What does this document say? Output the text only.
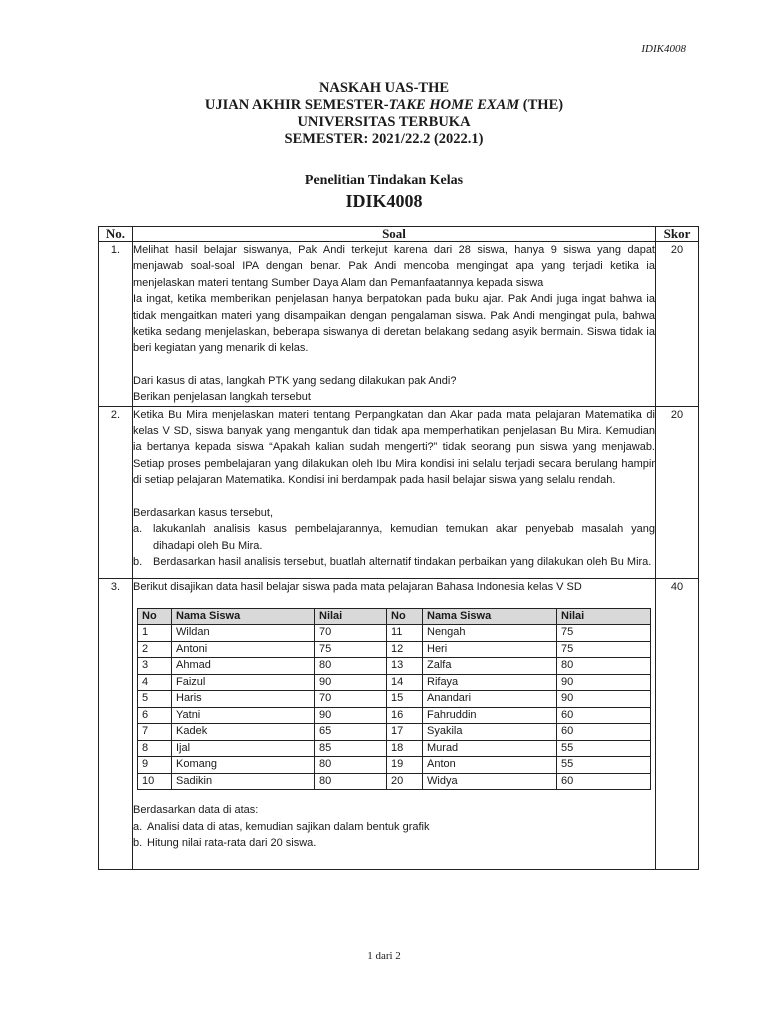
IDIK4008
NASKAH UAS-THE
UJIAN AKHIR SEMESTER-TAKE HOME EXAM (THE)
UNIVERSITAS TERBUKA
SEMESTER: 2021/22.2 (2022.1)
Penelitian Tindakan Kelas
IDIK4008
No.	Soal	Skor
1.	Melihat hasil belajar siswanya, Pak Andi terkejut karena dari 28 siswa, hanya 9 siswa yang dapat menjawab soal-soal IPA dengan benar. Pak Andi mencoba mengingat apa yang terjadi ketika ia menjelaskan materi tentang Sumber Daya Alam dan Pemanfaatannya kepada siswa

Ia ingat, ketika memberikan penjelasan hanya berpatokan pada buku ajar. Pak Andi juga ingat bahwa ia tidak mengaitkan materi yang disampaikan dengan pengalaman siswa. Pak Andi mengingat pula, bahwa ketika sedang menjelaskan, beberapa siswanya di deretan belakang sedang asyik bermain. Siswa tidak ia beri kegiatan yang menarik di kelas.

Dari kasus di atas, langkah PTK yang sedang dilakukan pak Andi?

Berikan penjelasan langkah tersebut

	20
2.	Ketika Bu Mira menjelaskan materi tentang Perpangkatan dan Akar pada mata pelajaran Matematika di kelas V SD, siswa banyak yang mengantuk dan tidak apa memperhatikan penjelasan Bu Mira. Kemudian ia bertanya kepada siswa “Apakah kalian sudah mengerti?” tidak seorang pun siswa yang menjawab. Setiap proses pembelajaran yang dilakukan oleh Ibu Mira kondisi ini selalu terjadi secara berulang hampir di setiap pelajaran Matematika. Kondisi ini berdampak pada hasil belajar siswa yang selalu rendah.

Berdasarkan kasus tersebut,

a. lakukanlah analisis kasus pembelajarannya, kemudian temukan akar penyebab masalah yang dihadapi oleh Bu Mira.
b. Berdasarkan hasil analisis tersebut, buatlah alternatif tindakan perbaikan yang dilakukan oleh Bu Mira.
	20
3.	Berikut disajikan data hasil belajar siswa pada mata pelajaran Bahasa Indonesia kelas V SD

No	Nama Siswa	Nilai	No	Nama Siswa	Nilai
1	Wildan	70	11	Nengah	75
2	Antoni	75	12	Heri	75
3	Ahmad	80	13	Zalfa	80
4	Faizul	90	14	Rifaya	90
5	Haris	70	15	Anandari	90
6	Yatni	90	16	Fahruddin	60
7	Kadek	65	17	Syakila	60
8	Ijal	85	18	Murad	55
9	Komang	80	19	Anton	55
10	Sadikin	80	20	Widya	60

Berdasarkan data di atas:

a. Analisi data di atas, kemudian sajikan dalam bentuk grafik
b. Hitung nilai rata-rata dari 20 siswa.
	40
1 dari 2
